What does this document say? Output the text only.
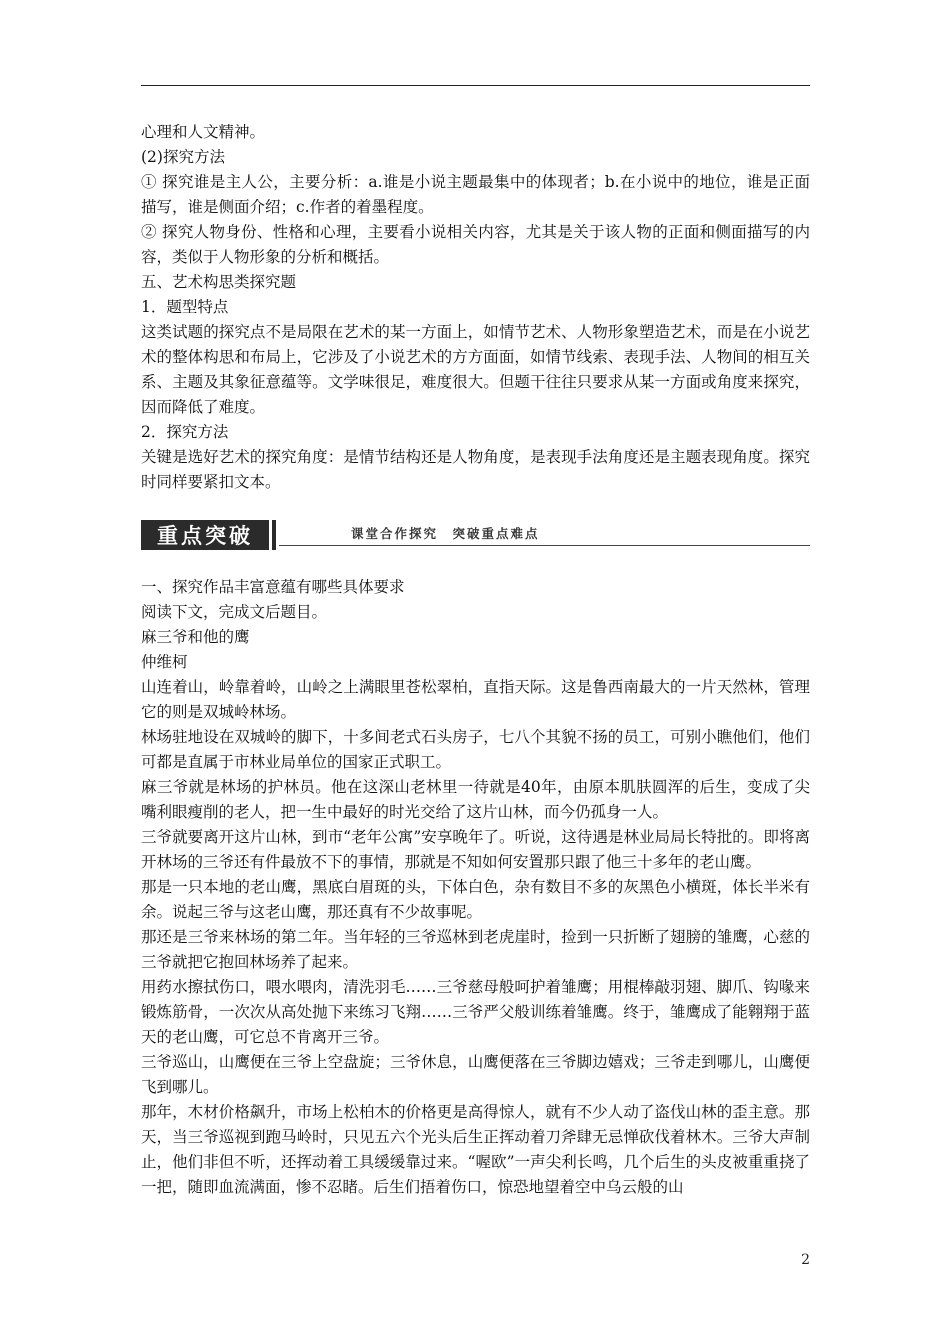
心理和人文精神。

(2)探究方法

① 探究谁是主人公，主要分析：a.谁是小说主题最集中的体现者；b.在小说中的地位，谁是正面描写，谁是侧面介绍；c.作者的着墨程度。

② 探究人物身份、性格和心理，主要看小说相关内容，尤其是关于该人物的正面和侧面描写的内容，类似于人物形象的分析和概括。

五、艺术构思类探究题

1．题型特点

这类试题的探究点不是局限在艺术的某一方面上，如情节艺术、人物形象塑造艺术，而是在小说艺术的整体构思和布局上，它涉及了小说艺术的方方面面，如情节线索、表现手法、人物间的相互关系、主题及其象征意蕴等。文学味很足，难度很大。但题干往往只要求从某一方面或角度来探究，因而降低了难度。

2．探究方法

关键是选好艺术的探究角度：是情节结构还是人物角度，是表现手法角度还是主题表现角度。探究时同样要紧扣文本。

重点突破	课堂合作探究　突破重点难点

一、探究作品丰富意蕴有哪些具体要求

阅读下文，完成文后题目。

麻三爷和他的鹰

仲维柯

山连着山，岭靠着岭，山岭之上满眼里苍松翠柏，直指天际。这是鲁西南最大的一片天然林，管理它的则是双城岭林场。

林场驻地设在双城岭的脚下，十多间老式石头房子，七八个其貌不扬的员工，可别小瞧他们，他们可都是直属于市林业局单位的国家正式职工。

麻三爷就是林场的护林员。他在这深山老林里一待就是40年，由原本肌肤圆浑的后生，变成了尖嘴利眼瘦削的老人，把一生中最好的时光交给了这片山林，而今仍孤身一人。

三爷就要离开这片山林，到市“老年公寓”安享晚年了。听说，这待遇是林业局局长特批的。即将离开林场的三爷还有件最放不下的事情，那就是不知如何安置那只跟了他三十多年的老山鹰。

那是一只本地的老山鹰，黑底白眉斑的头，下体白色，杂有数目不多的灰黑色小横斑，体长半米有余。说起三爷与这老山鹰，那还真有不少故事呢。

那还是三爷来林场的第二年。当年轻的三爷巡林到老虎崖时，捡到一只折断了翅膀的雏鹰，心慈的三爷就把它抱回林场养了起来。

用药水擦拭伤口，喂水喂肉，清洗羽毛……三爷慈母般呵护着雏鹰；用棍棒敲羽翅、脚爪、钩喙来锻炼筋骨，一次次从高处抛下来练习飞翔……三爷严父般训练着雏鹰。终于，雏鹰成了能翱翔于蓝天的老山鹰，可它总不肯离开三爷。

三爷巡山，山鹰便在三爷上空盘旋；三爷休息，山鹰便落在三爷脚边嬉戏；三爷走到哪儿，山鹰便飞到哪儿。

那年，木材价格飙升，市场上松柏木的价格更是高得惊人，就有不少人动了盗伐山林的歪主意。那天，当三爷巡视到跑马岭时，只见五六个光头后生正挥动着刀斧肆无忌惮砍伐着林木。三爷大声制止，他们非但不听，还挥动着工具缓缓靠过来。“喔欧”一声尖利长鸣，几个后生的头皮被重重挠了一把，随即血流满面，惨不忍睹。后生们捂着伤口，惊恐地望着空中乌云般的山

2
